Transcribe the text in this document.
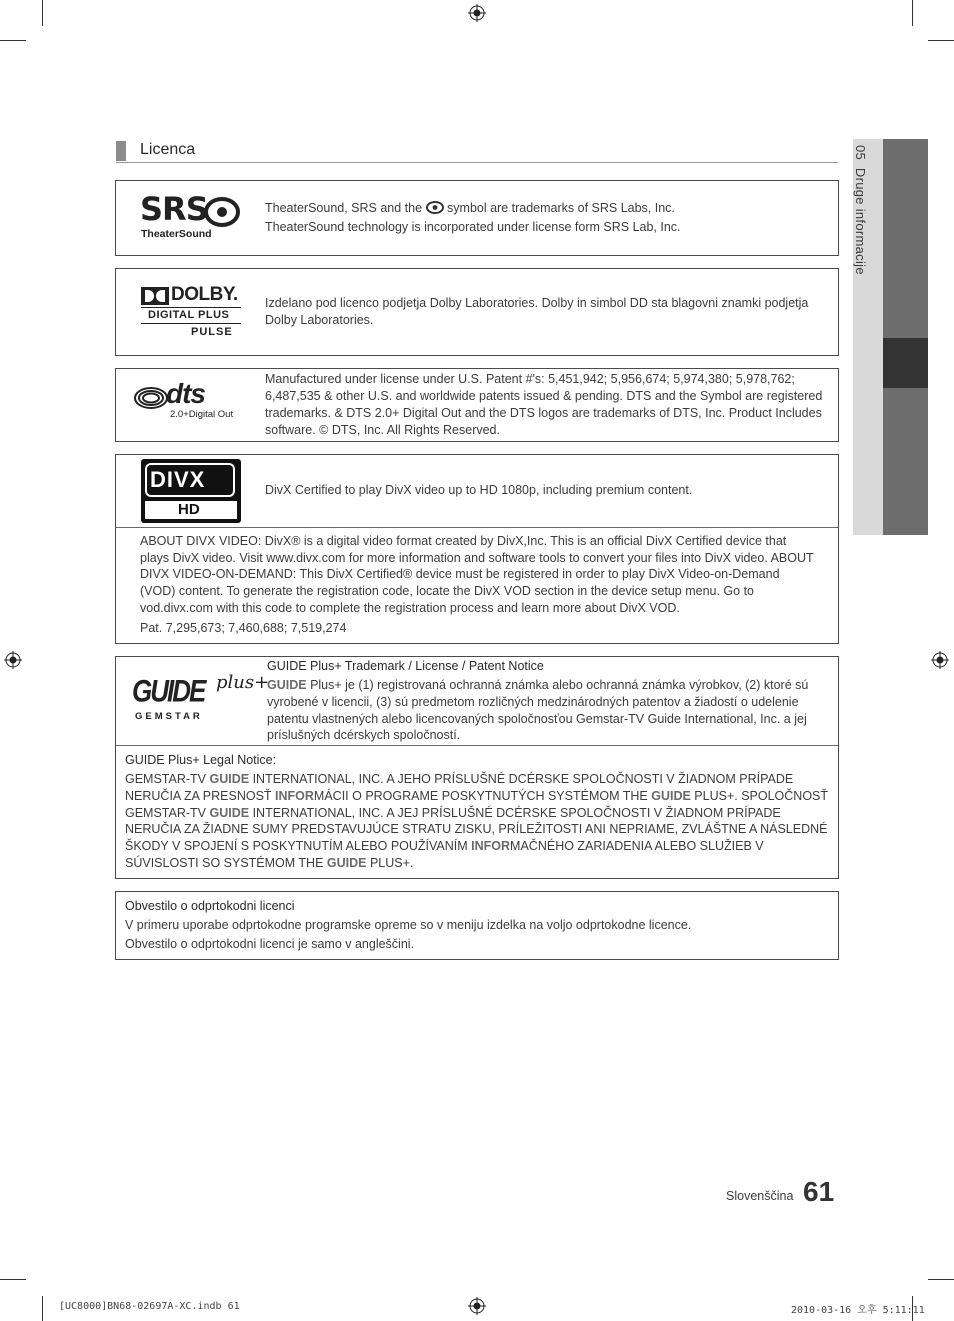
Licenca	05  Druge informacije
SRS
TheaterSound
TheaterSound, SRS and the symbol are trademarks of SRS Labs, Inc.
TheaterSound technology is incorporated under license form SRS Lab, Inc.
DOLBY.
DIGITAL PLUS
PULSE
Izdelano pod licenco podjetja Dolby Laboratories. Dolby in simbol DD sta blagovni znamki podjetja Dolby Laboratories.
dts
2.0+Digital Out
Manufactured under license under U.S. Patent #'s: 5,451,942; 5,956,674; 5,974,380; 5,978,762; 6,487,535 & other U.S. and worldwide patents issued & pending. DTS and the Symbol are registered trademarks. & DTS 2.0+ Digital Out and the DTS logos are trademarks of DTS, Inc. Product Includes software. © DTS, Inc. All Rights Reserved.
DIVX
HD
DivX Certified to play DivX video up to HD 1080p, including premium content.
ABOUT DIVX VIDEO: DivX® is a digital video format created by DivX,Inc. This is an official DivX Certified device that plays DivX video. Visit www.divx.com for more information and software tools to convert your files into DivX video. ABOUT DIVX VIDEO-ON-DEMAND: This DivX Certified® device must be registered in order to play DivX Video-on-Demand (VOD) content. To generate the registration code, locate the DivX VOD section in the device setup menu. Go to vod.divx.com with this code to complete the registration process and learn more about DivX VOD.
Pat. 7,295,673; 7,460,688; 7,519,274
GUIDE plus+
GEMSTAR
GUIDE Plus+ Trademark / License / Patent Notice
GUIDE Plus+ je (1) registrovaná ochranná známka alebo ochranná známka výrobkov, (2) ktoré sú vyrobené v licencii, (3) sú predmetom rozličných medzinárodných patentov a žiadostí o udelenie patentu vlastnených alebo licencovaných spoločnosťou Gemstar-TV Guide International, Inc. a jej príslušných dcérskych spoločností.
GUIDE Plus+ Legal Notice:
GEMSTAR-TV GUIDE INTERNATIONAL, INC. A JEHO PRÍSLUŠNÉ DCÉRSKE SPOLOČNOSTI V ŽIADNOM PRÍPADE NERUČIA ZA PRESNOSŤ INFORMÁCII O PROGRAME POSKYTNUTÝCH SYSTÉMOM THE GUIDE PLUS+. SPOLOČNOSŤ GEMSTAR-TV GUIDE INTERNATIONAL, INC. A JEJ PRÍSLUŠNÉ DCÉRSKE SPOLOČNOSTI V ŽIADNOM PRÍPADE NERUČIA ZA ŽIADNE SUMY PREDSTAVUJÚCE STRATU ZISKU, PRÍLEŽITOSTI ANI NEPRIAME, ZVLÁŠTNE A NÁSLEDNÉ ŠKODY V SPOJENÍ S POSKYTNUTÍM ALEBO POUŽÍVANÍM INFORMAČNÉHO ZARIADENIA ALEBO SLUŽIEB V SÚVISLOSTI SO SYSTÉMOM THE GUIDE PLUS+.
Obvestilo o odprtokodni licenci
V primeru uporabe odprtokodne programske opreme so v meniju izdelka na voljo odprtokodne licence.
Obvestilo o odprtokodni licenci je samo v angleščini.
Slovenščina 61
[UC8000]BN68-02697A-XC.indb 61	2010-03-16 오후 5:11:11
